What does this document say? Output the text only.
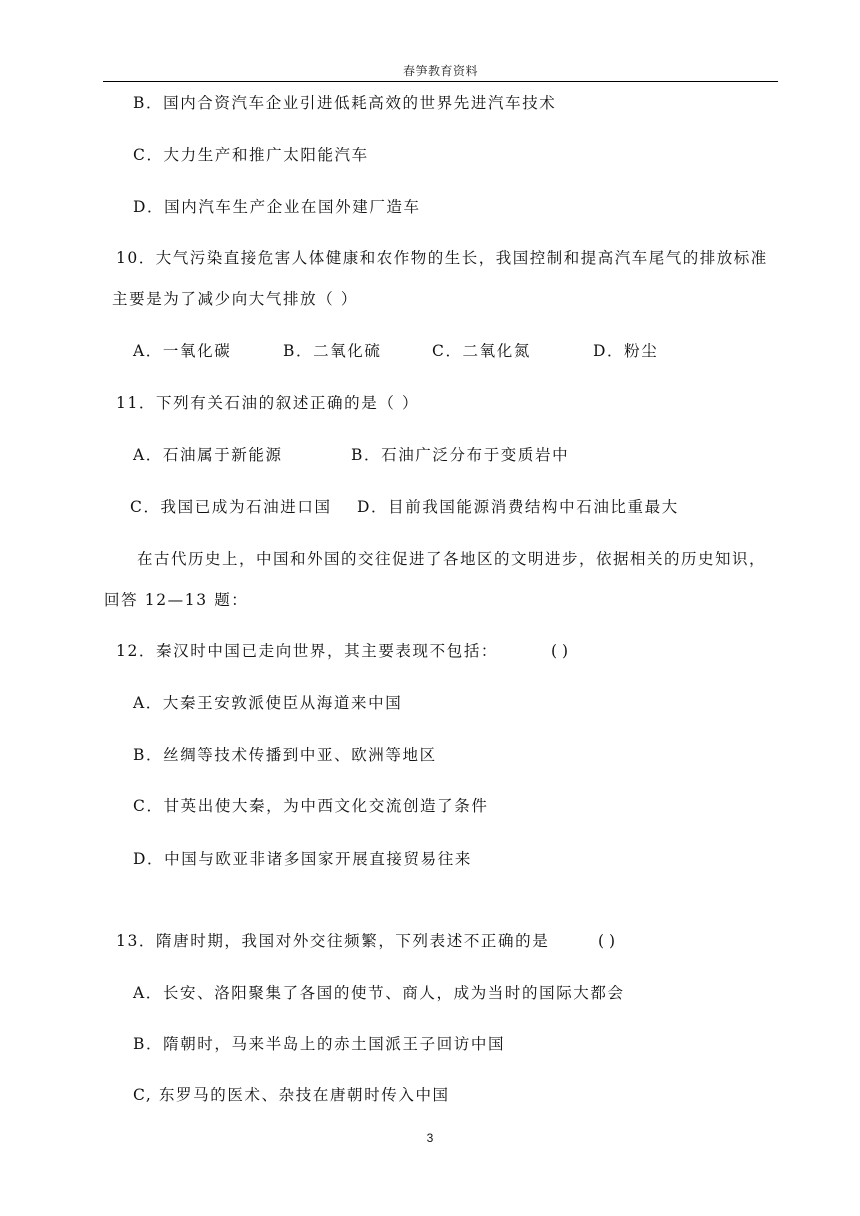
春笋教育资料
B．国内合资汽车企业引进低耗高效的世界先进汽车技术
C．大力生产和推广太阳能汽车
D．国内汽车生产企业在国外建厂造车
10．大气污染直接危害人体健康和农作物的生长，我国控制和提高汽车尾气的排放标准
主要是为了减少向大气排放（ ）
A．一氧化碳	B．二氧化硫	C．二氧化氮	D．粉尘
11．下列有关石油的叙述正确的是（ ）
A．石油属于新能源	B．石油广泛分布于变质岩中
C．我国已成为石油进口国 D．目前我国能源消费结构中石油比重最大
在古代历史上，中国和外国的交往促进了各地区的文明进步，依据相关的历史知识，
回答 12—13 题：
12．秦汉时中国已走向世界，其主要表现不包括：	( )
A．大秦王安敦派使臣从海道来中国
B．丝绸等技术传播到中亚、欧洲等地区
C．甘英出使大秦，为中西文化交流创造了条件
D．中国与欧亚非诸多国家开展直接贸易往来
13．隋唐时期，我国对外交往频繁，下列表述不正确的是	( )
A．长安、洛阳聚集了各国的使节、商人，成为当时的国际大都会
B．隋朝时，马来半岛上的赤土国派王子回访中国
C, 东罗马的医术、杂技在唐朝时传入中国
3
